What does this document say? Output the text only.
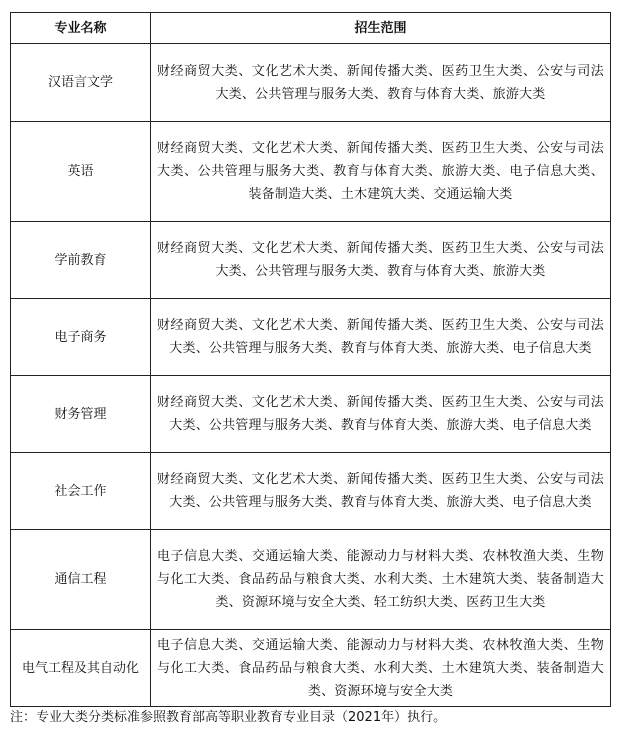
专业名称	招生范围
汉语言文学	财经商贸大类、文化艺术大类、新闻传播大类、医药卫生大类、公安与司法大类、公共管理与服务大类、教育与体育大类、旅游大类
英语	财经商贸大类、文化艺术大类、新闻传播大类、医药卫生大类、公安与司法大类、公共管理与服务大类、教育与体育大类、旅游大类、电子信息大类、装备制造大类、土木建筑大类、交通运输大类
学前教育	财经商贸大类、文化艺术大类、新闻传播大类、医药卫生大类、公安与司法大类、公共管理与服务大类、教育与体育大类、旅游大类
电子商务	财经商贸大类、文化艺术大类、新闻传播大类、医药卫生大类、公安与司法大类、公共管理与服务大类、教育与体育大类、旅游大类、电子信息大类
财务管理	财经商贸大类、文化艺术大类、新闻传播大类、医药卫生大类、公安与司法大类、公共管理与服务大类、教育与体育大类、旅游大类、电子信息大类
社会工作	财经商贸大类、文化艺术大类、新闻传播大类、医药卫生大类、公安与司法大类、公共管理与服务大类、教育与体育大类、旅游大类、电子信息大类
通信工程	电子信息大类、交通运输大类、能源动力与材料大类、农林牧渔大类、生物与化工大类、食品药品与粮食大类、水利大类、土木建筑大类、装备制造大类、资源环境与安全大类、轻工纺织大类、医药卫生大类
电气工程及其自动化	电子信息大类、交通运输大类、能源动力与材料大类、农林牧渔大类、生物与化工大类、食品药品与粮食大类、水利大类、土木建筑大类、装备制造大类、资源环境与安全大类
注：专业大类分类标准参照教育部高等职业教育专业目录（2021年）执行。
